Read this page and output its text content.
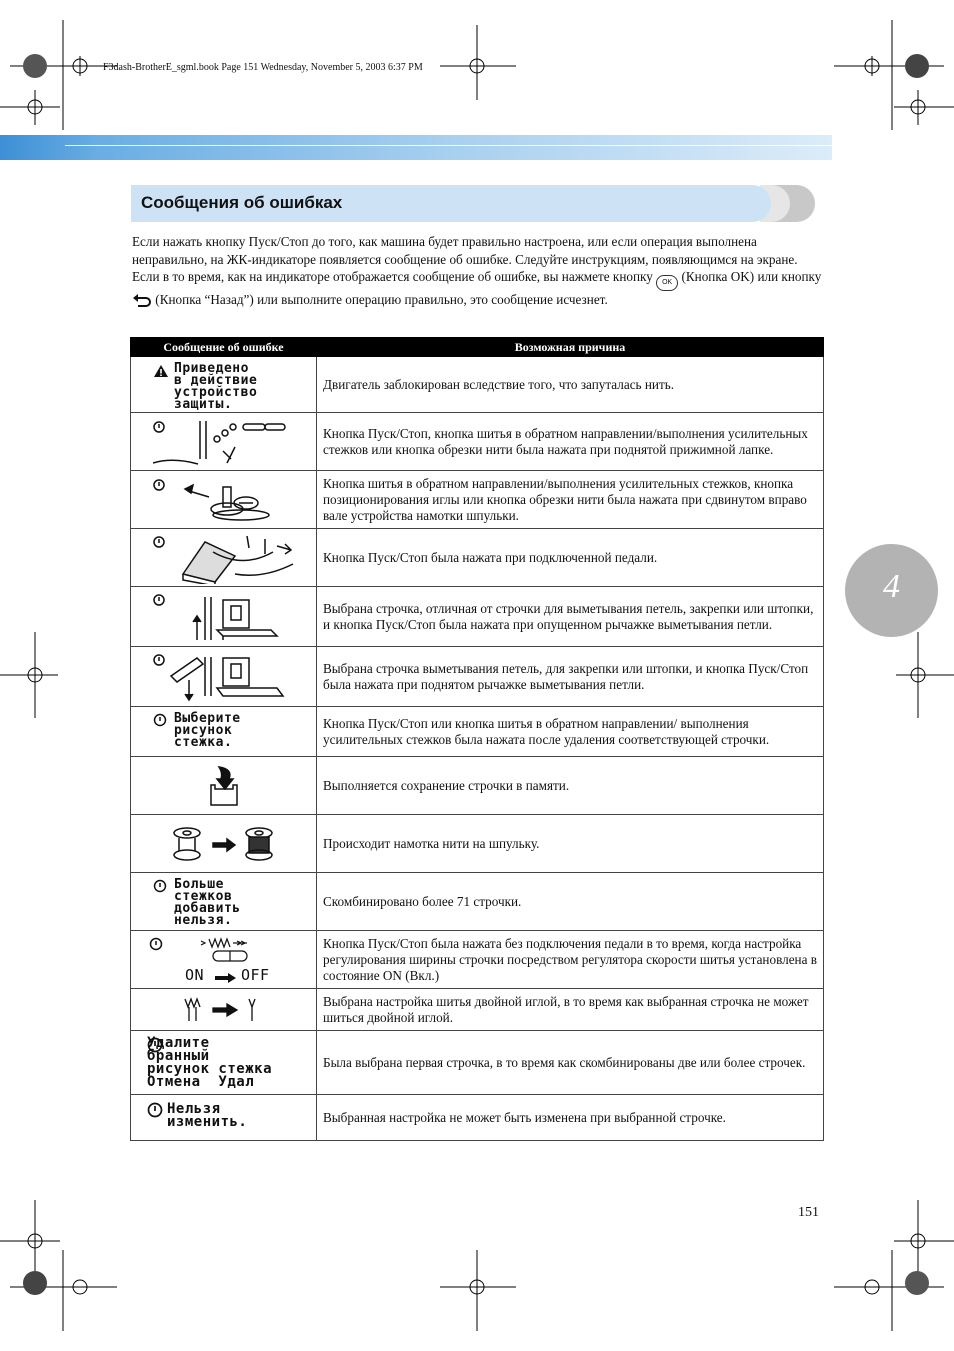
F3dash-BrotherE_sgml.book Page 151 Wednesday, November 5, 2003 6:37 PM
Сообщения об ошибках
Если нажать кнопку Пуск/Стоп до того, как машина будет правильно настроена, или если операция выполнена неправильно, на ЖК-индикаторе появляется сообщение об ошибке. Следуйте инструкциям, появляющимся на экране. Если в то время, как на индикаторе отображается сообщение об ошибке, вы нажмете кнопку OK (Кнопка OK) или кнопку  (Кнопка “Назад”) или выполните операцию правильно, это сообщение исчезнет.
4
Сообщение об ошибке	Возможная причина

Приведено
в действие
устройство
защиты.	Двигатель заблокирован вследствие того, что запуталась нить.

	Кнопка Пуск/Стоп, кнопка шитья в обратном направлении/выполнения усилительных стежков или кнопка обрезки нити была нажата при поднятой прижимной лапке.

	Кнопка шитья в обратном направлении/выполнения усилительных стежков, кнопка позиционирования иглы или кнопка обрезки нити была нажата при сдвинутом вправо вале устройства намотки шпульки.

	Кнопка Пуск/Стоп была нажата при подключенной педали.

	Выбрана строчка, отличная от строчки для выметывания петель, закрепки или штопки, и кнопка Пуск/Стоп была нажата при опущенном рычажке выметывания петли.

	Выбрана строчка выметывания петель, для закрепки или штопки, и кнопка Пуск/Стоп была нажата при поднятом рычажке выметывания петли.

Выберите
рисунок
стежка.	Кнопка Пуск/Стоп или кнопка шитья в обратном направлении/ выполнения усилительных стежков была нажата после удаления соответствующей строчки.

	Выполняется сохранение строчки в памяти.

	Происходит намотка нити на шпульку.

Больше
стежков
добавить
нельзя.	Скомбинировано более 71 строчки.

ON OFF	Кнопка Пуск/Стоп была нажата без подключения педали в то время, когда настройка регулирования ширины строчки посредством регулятора скорости шитья установлена в состояние ON (Вкл.)

	Выбрана настройка шитья двойной иглой, в то время как выбранная строчка не может шиться двойной иглой.

Удалите
бранный
рисунок стежка
Отмена  Удал	Была выбрана первая строчка, в то время как скомбинированы две или более строчек.

Нельзя
изменить.	Выбранная настройка не может быть изменена при выбранной строчке.
151
